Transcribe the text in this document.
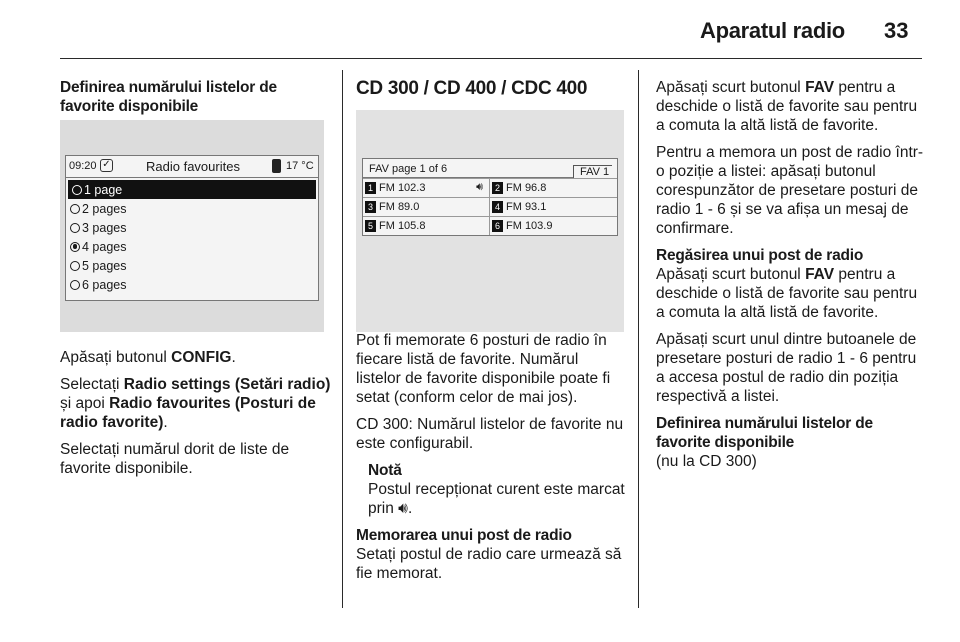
Aparatul radio	33
Definirea numărului listelor de
favorite disponibile
09:20 ✓	Radio favourites	17 °C
1 page
2 pages
3 pages
4 pages
5 pages
6 pages

Apăsați butonul CONFIG.

Selectați Radio settings (Setări radio) și apoi Radio favourites (Posturi de radio favorite).

Selectați numărul dorit de liste de favorite disponibile.

CD 300 / CD 400 / CDC 400
FAV page 1 of 6	FAV 1
1 FM 102.3	🔊︎	2 FM 96.8
3 FM 89.0	4 FM 93.1
5 FM 105.8	6 FM 103.9

Pot fi memorate 6 posturi de radio în fiecare listă de favorite. Numărul listelor de favorite disponibile poate fi setat (conform celor de mai jos).

CD 300: Numărul listelor de favorite nu este configurabil.

Notă

Postul recepționat curent este marcat prin 🔊︎.

Memorarea unui post de radio

Setați postul de radio care urmează să fie memorat.

Apăsați scurt butonul FAV pentru a deschide o listă de favorite sau pentru a comuta la altă listă de favorite.

Pentru a memora un post de radio într-o poziție a listei: apăsați butonul corespunzător de presetare posturi de radio 1 - 6 și se va afișa un mesaj de confirmare.

Regăsirea unui post de radio

Apăsați scurt butonul FAV pentru a deschide o listă de favorite sau pentru a comuta la altă listă de favorite.

Apăsați scurt unul dintre butoanele de presetare posturi de radio 1 - 6 pentru a accesa postul de radio din poziția respectivă a listei.

Definirea numărului listelor de
favorite disponibile

(nu la CD 300)
